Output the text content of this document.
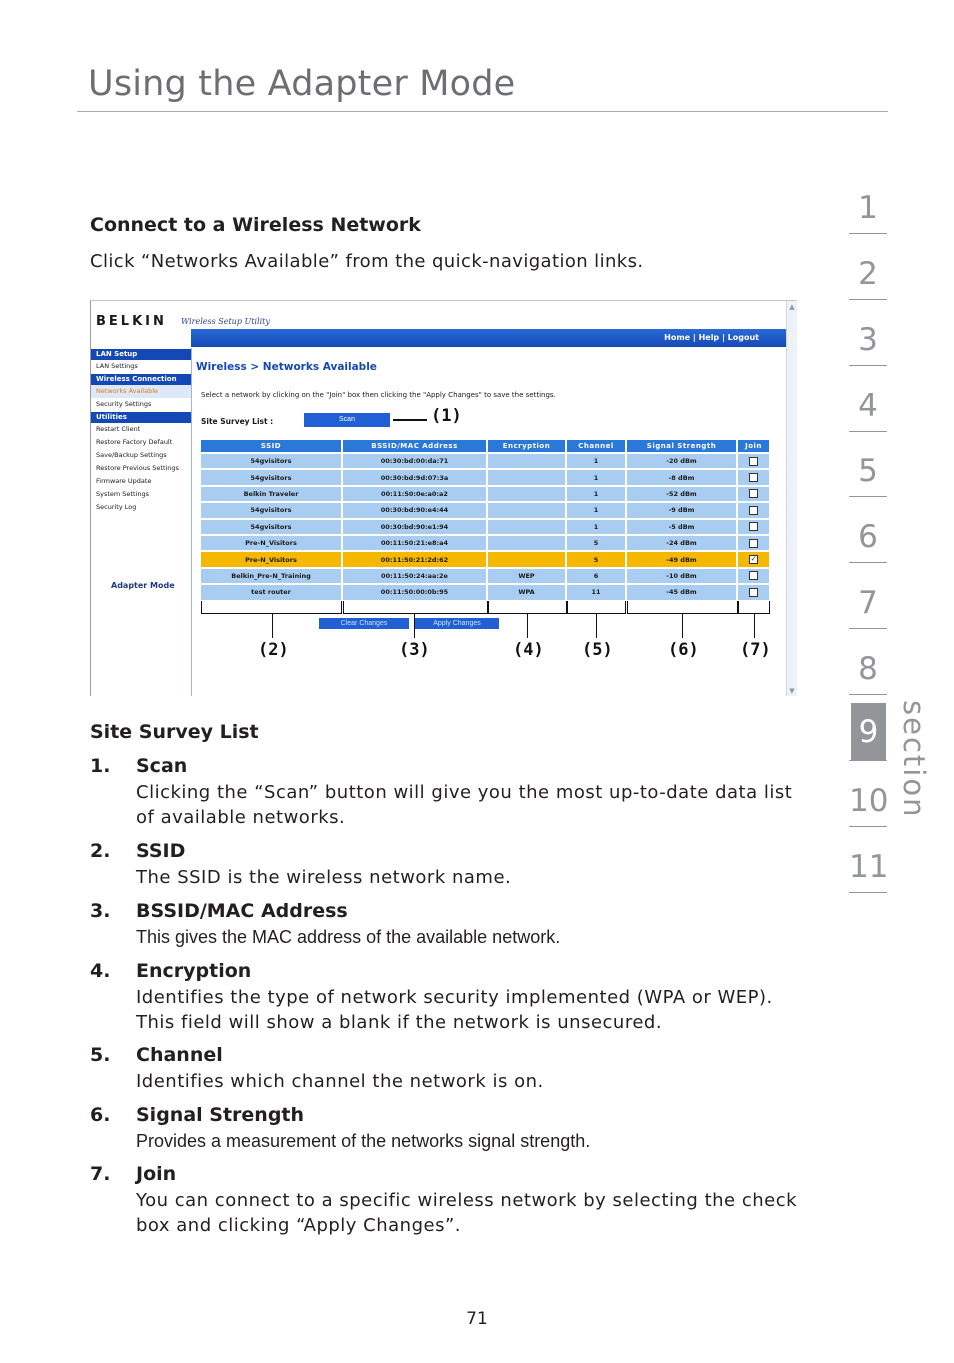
Using the Adapter Mode
Connect to a Wireless Network
Click “Networks Available” from the quick-navigation links.
BELKIN Wireless Setup Utility
Home | Help | Logout
LAN Setup
LAN Settings
Wireless Connection
Networks Available
Security Settings
Utilities
Restart Client
Restore Factory Default
Save/Backup Settings
Restore Previous Settings
Firmware Update
System Settings
Security Log
Adapter Mode
Wireless > Networks Available
Select a network by clicking on the "Join" box then clicking the "Apply Changes" to save the settings.
Site Survey List :	Scan	(1)
SSID	BSSID/MAC Address	Encryption	Channel	Signal Strength	Join
54gvisitors	00:30:bd:00:da:71		1	-20 dBm	
54gvisitors	00:30:bd:9d:07:3a		1	-8 dBm	
Belkin Traveler	00:11:50:0e:a0:a2		1	-52 dBm	
54gvisitors	00:30:bd:90:e4:44		1	-9 dBm	
54gvisitors	00:30:bd:90:e1:94		1	-5 dBm	
Pre-N_Visitors	00:11:50:21:e8:a4		5	-24 dBm	
Pre-N_Visitors	00:11:50:21:2d:62		5	-49 dBm	✓
Belkin_Pre-N_Training	00:11:50:24:aa:2e	WEP	6	-10 dBm	
test router	00:11:50:00:0b:95	WPA	11	-45 dBm	
Clear Changes	Apply Changes
(2)	(3)	(4) (5)	(6) (7)
▲
▼
Site Survey List
1. Scan
Clicking the “Scan” button will give you the most up-to-date data list of available networks.
2. SSID
The SSID is the wireless network name.
3. BSSID/MAC Address
This gives the MAC address of the available network.
4. Encryption
Identifies the type of network security implemented (WPA or WEP). This field will show a blank if the network is unsecured.
5. Channel
Identifies which channel the network is on.
6. Signal Strength
Provides a measurement of the networks signal strength.
7. Join
You can connect to a specific wireless network by selecting the check box and clicking “Apply Changes”.
1
2
3
4
5
6
7
8
9
10
11
section
71
